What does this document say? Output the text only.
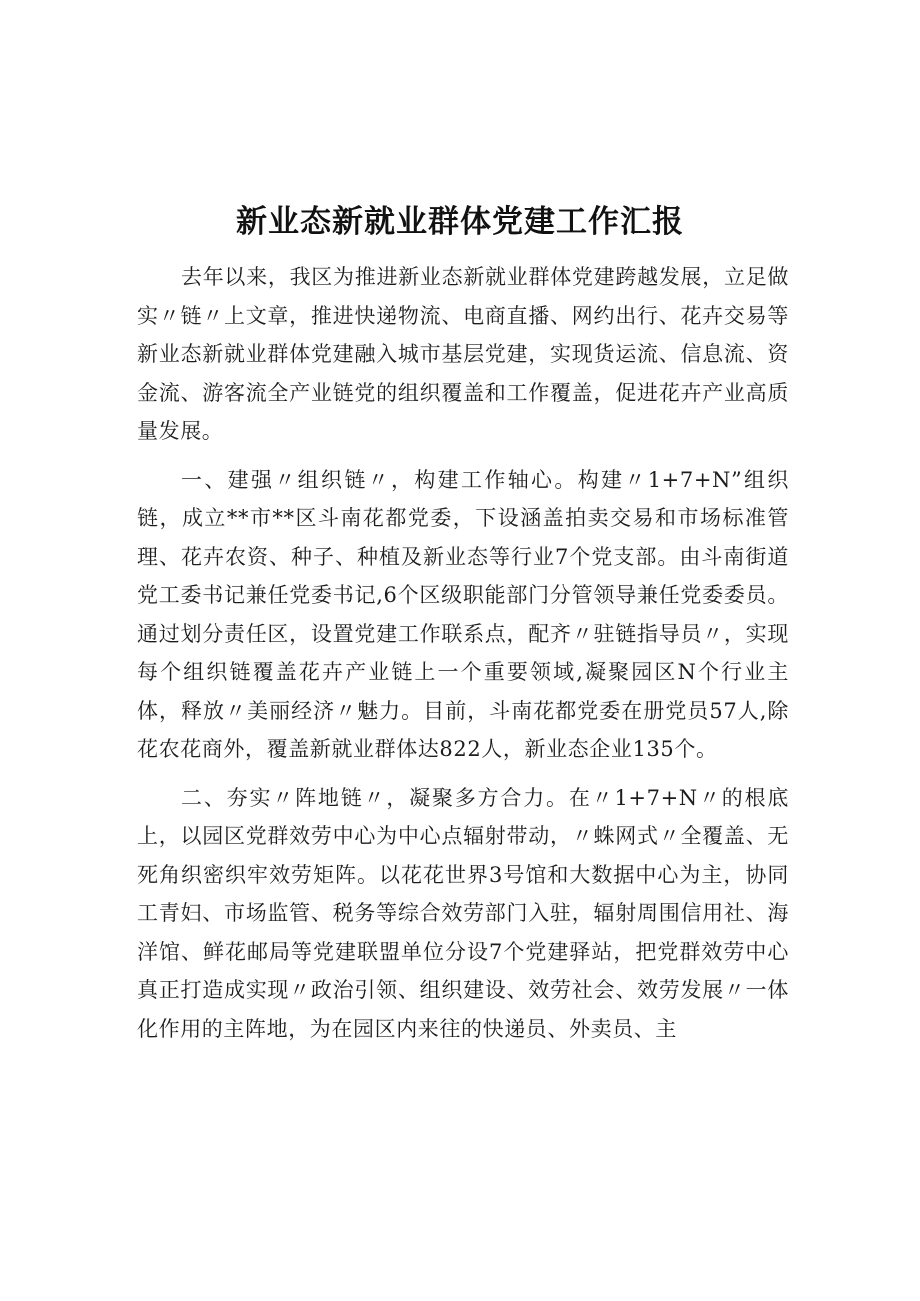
新业态新就业群体党建工作汇报

去年以来，我区为推进新业态新就业群体党建跨越发展，立足做实〃链〃上文章，推进快递物流、电商直播、网约出行、花卉交易等新业态新就业群体党建融入城市基层党建，实现货运流、信息流、资金流、游客流全产业链党的组织覆盖和工作覆盖，促进花卉产业高质量发展。

一、建强〃组织链〃，构建工作轴心。构建〃1+7+N”组织链，成立**市**区斗南花都党委，下设涵盖拍卖交易和市场标准管理、花卉农资、种子、种植及新业态等行业7个党支部。由斗南街道党工委书记兼任党委书记,6个区级职能部门分管领导兼任党委委员。通过划分责任区，设置党建工作联系点，配齐〃驻链指导员〃，实现每个组织链覆盖花卉产业链上一个重要领域,凝聚园区N个行业主体，释放〃美丽经济〃魅力。目前，斗南花都党委在册党员57人,除花农花商外，覆盖新就业群体达822人，新业态企业135个。

二、夯实〃阵地链〃，凝聚多方合力。在〃1+7+N〃的根底上，以园区党群效劳中心为中心点辐射带动，〃蛛网式〃全覆盖、无死角织密织牢效劳矩阵。以花花世界3号馆和大数据中心为主，协同工青妇、市场监管、税务等综合效劳部门入驻，辐射周围信用社、海洋馆、鲜花邮局等党建联盟单位分设7个党建驿站，把党群效劳中心真正打造成实现〃政治引领、组织建设、效劳社会、效劳发展〃一体化作用的主阵地，为在园区内来往的快递员、外卖员、主
